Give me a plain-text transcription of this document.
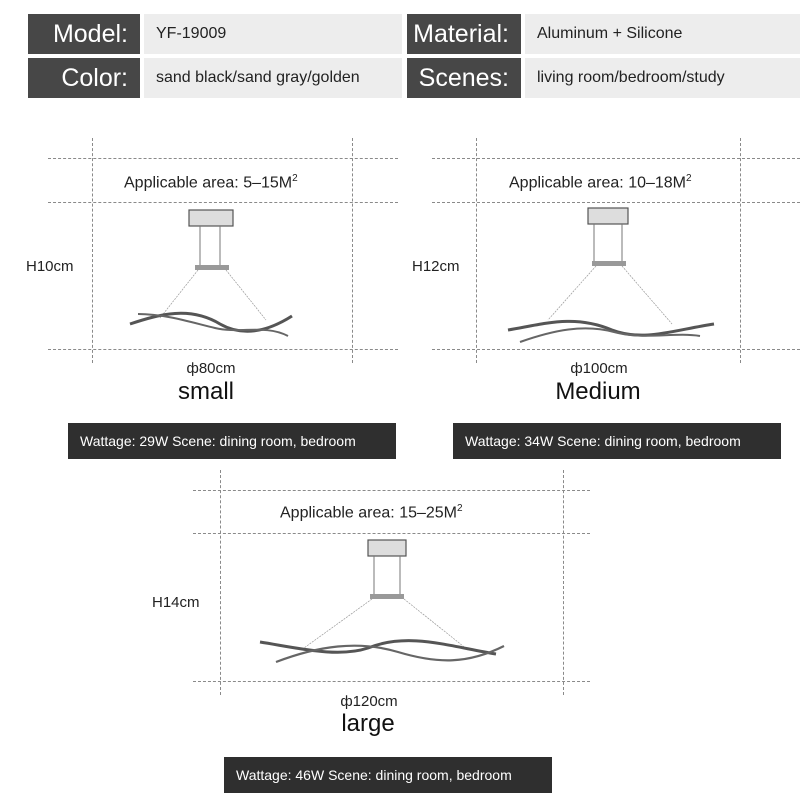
Model:	YF-19009	Material:	Aluminum + Silicone
Color:	sand black/sand gray/golden	Scenes:	living room/bedroom/study
Applicable area: $5-15M^2$
H10cm
ф80cm
small
Wattage: 29W Scene: dining room, bedroom
Applicable area: $10-18M^2$
H12cm
ф100cm
Medium
Wattage: 34W Scene: dining room, bedroom
Applicable area: $15-25M^2$
H14cm
ф120cm
large
Wattage: 46W Scene: dining room, bedroom
